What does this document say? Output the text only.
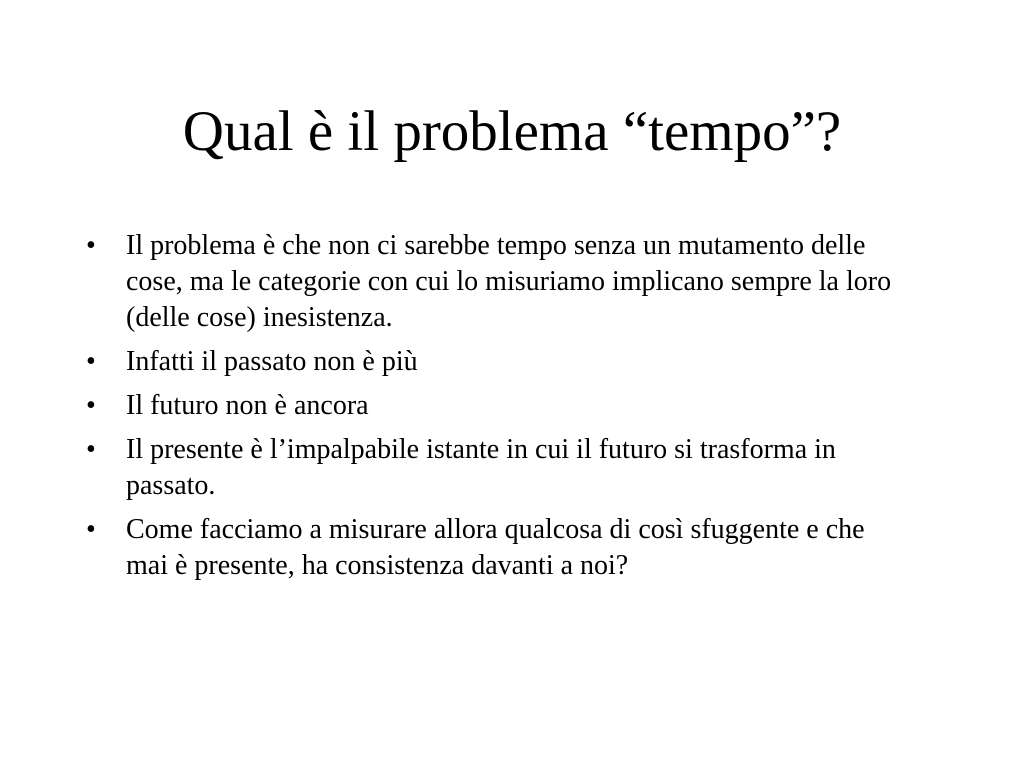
Qual è il problema “tempo”?
•	Il problema è che non ci sarebbe tempo senza un mutamento delle cose, ma le categorie con cui lo misuriamo implicano sempre la loro (delle cose) inesistenza.
•	Infatti il passato non è più
•	Il futuro non è ancora
•	Il presente è l’impalpabile istante in cui il futuro si trasforma in passato.
•	Come facciamo a misurare allora qualcosa di così sfuggente e che mai è presente, ha consistenza davanti a noi?
